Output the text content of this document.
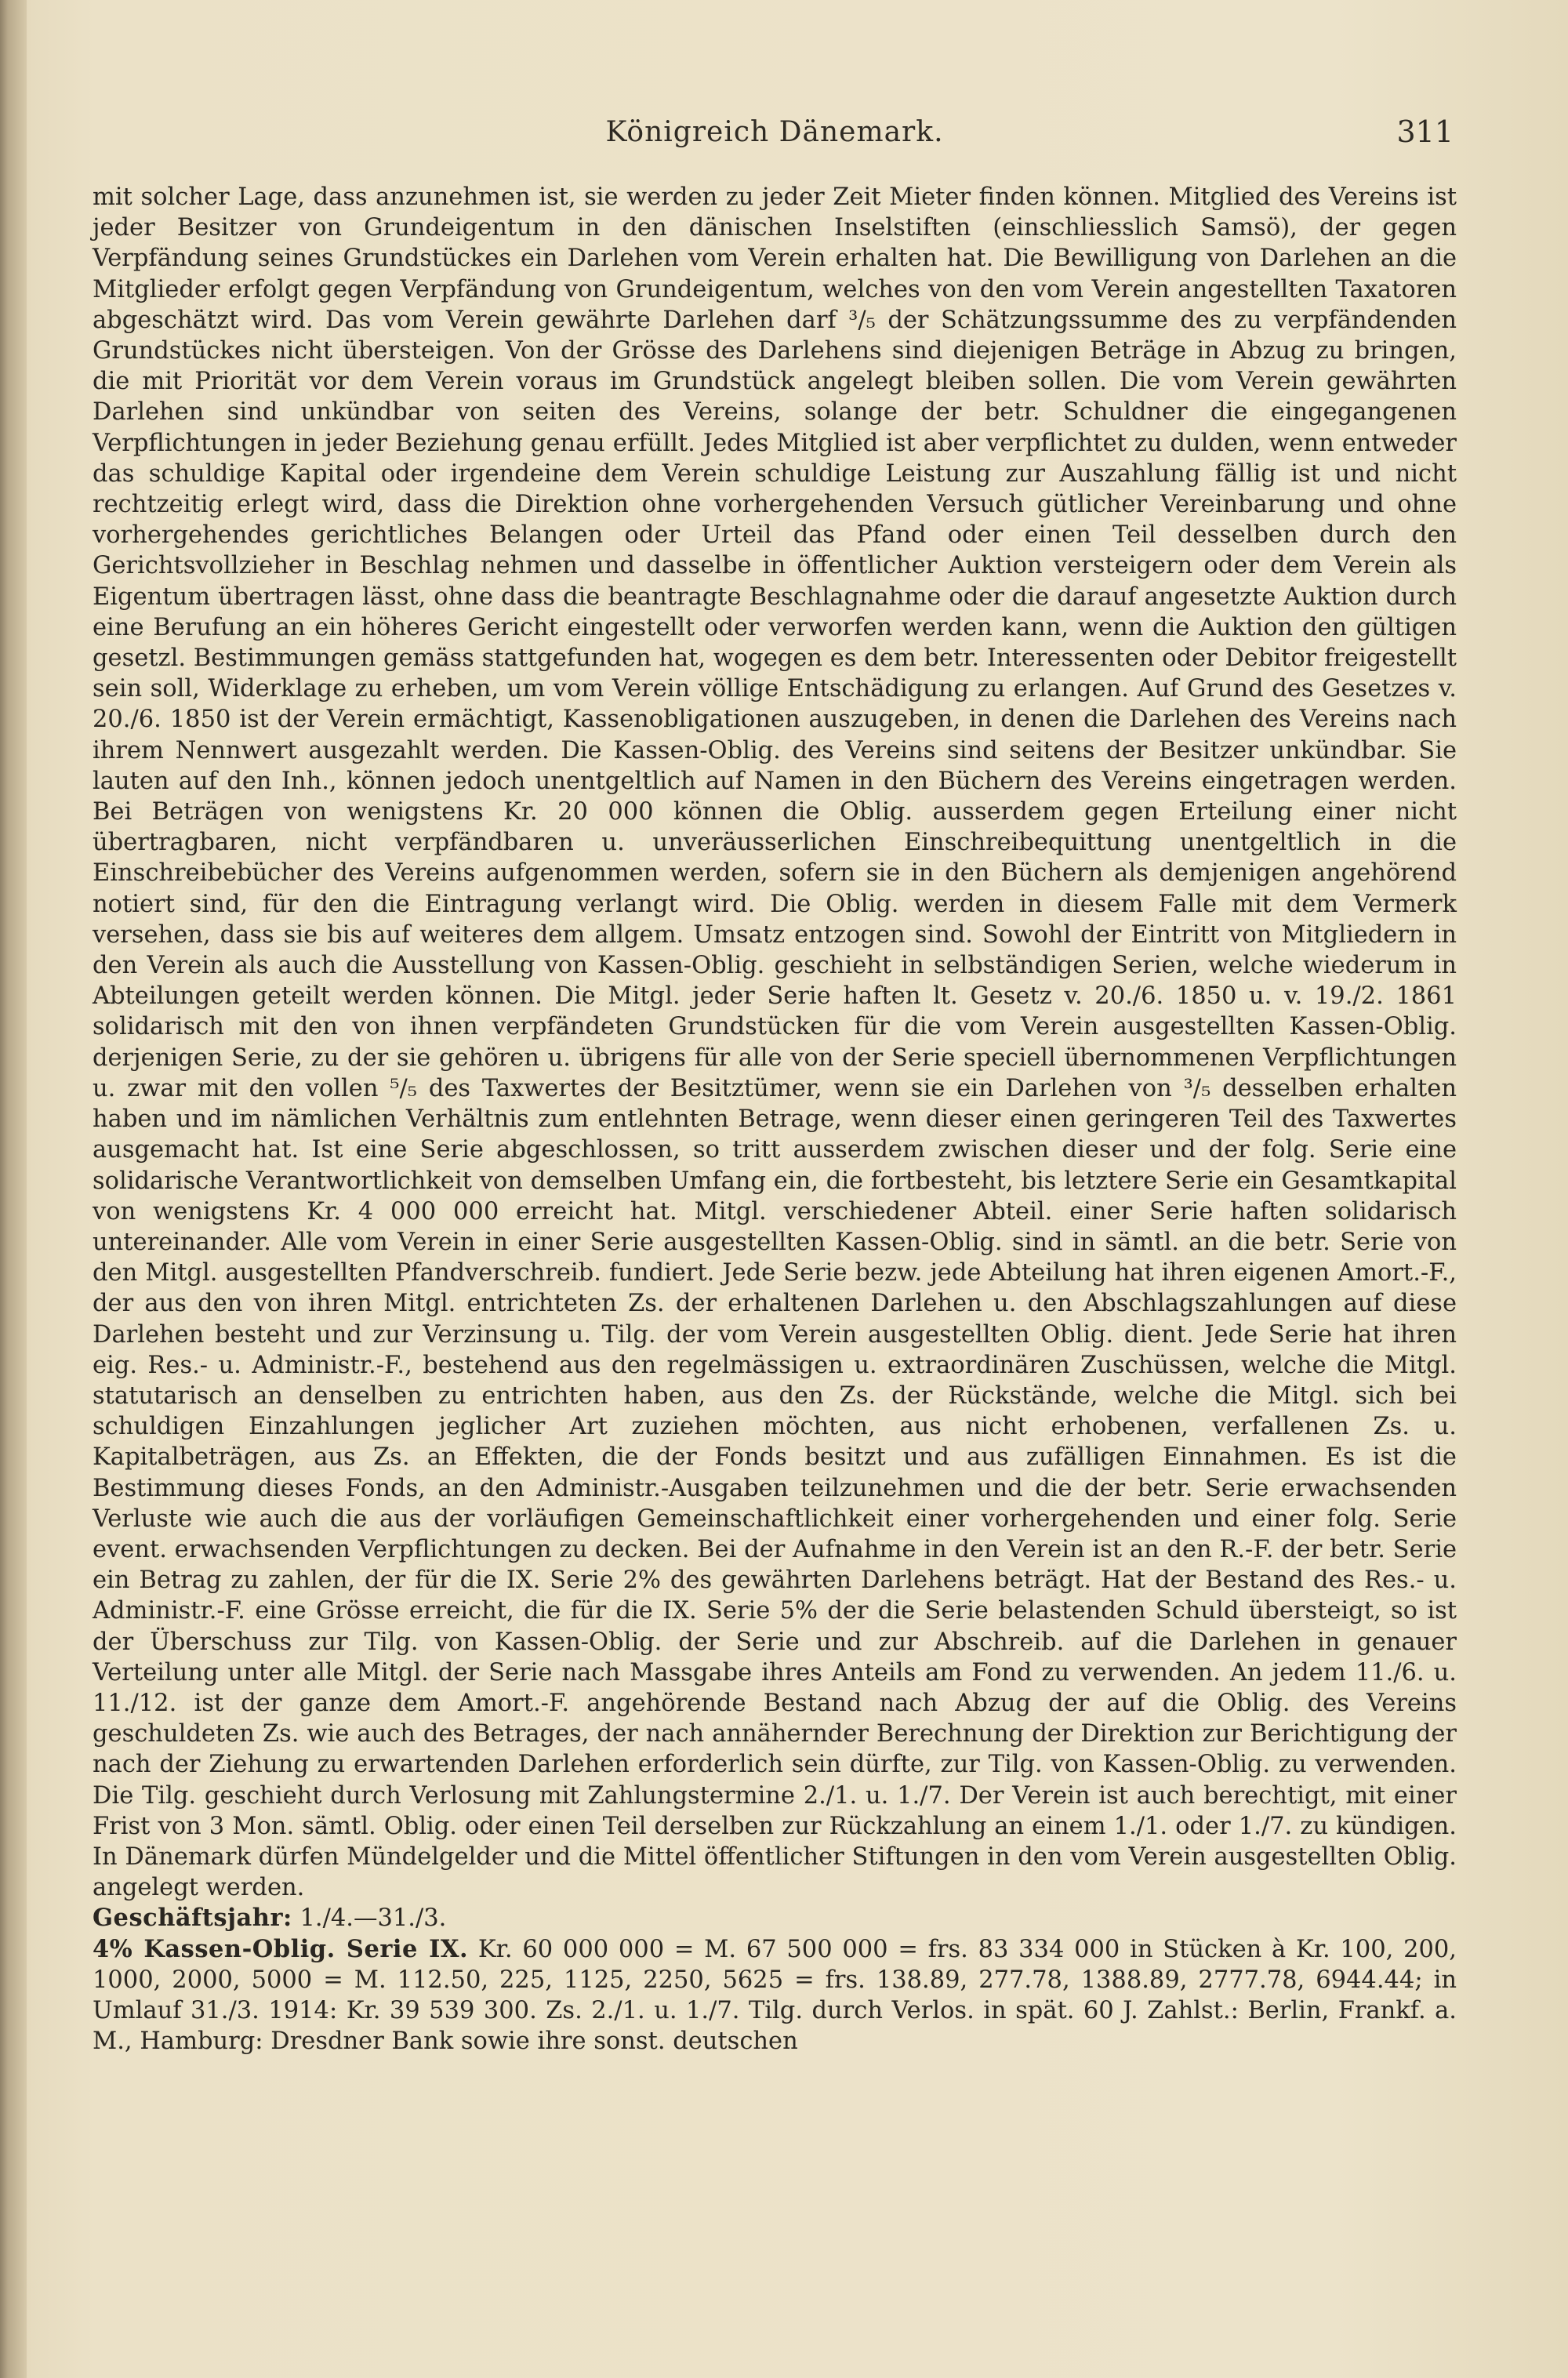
Königreich Dänemark.	311

mit solcher Lage, dass anzunehmen ist, sie werden zu jeder Zeit Mieter finden können. Mitglied des Vereins ist jeder Besitzer von Grundeigentum in den dänischen Inselstiften (einschliesslich Samsö), der gegen Verpfändung seines Grundstückes ein Darlehen vom Verein erhalten hat. Die Bewilligung von Darlehen an die Mitglieder erfolgt gegen Verpfändung von Grundeigentum, welches von den vom Verein angestellten Taxatoren abgeschätzt wird. Das vom Verein gewährte Darlehen darf ³/₅ der Schätzungssumme des zu verpfändenden Grundstückes nicht übersteigen. Von der Grösse des Darlehens sind diejenigen Beträge in Abzug zu bringen, die mit Priorität vor dem Verein voraus im Grundstück angelegt bleiben sollen. Die vom Verein gewährten Darlehen sind unkündbar von seiten des Vereins, solange der betr. Schuldner die eingegangenen Verpflichtungen in jeder Beziehung genau erfüllt. Jedes Mitglied ist aber verpflichtet zu dulden, wenn entweder das schuldige Kapital oder irgendeine dem Verein schuldige Leistung zur Auszahlung fällig ist und nicht rechtzeitig erlegt wird, dass die Direktion ohne vorhergehenden Versuch gütlicher Vereinbarung und ohne vorhergehendes gerichtliches Belangen oder Urteil das Pfand oder einen Teil desselben durch den Gerichtsvollzieher in Beschlag nehmen und dasselbe in öffentlicher Auktion versteigern oder dem Verein als Eigentum übertragen lässt, ohne dass die beantragte Beschlagnahme oder die darauf angesetzte Auktion durch eine Berufung an ein höheres Gericht eingestellt oder verworfen werden kann, wenn die Auktion den gültigen gesetzl. Bestimmungen gemäss stattgefunden hat, wogegen es dem betr. Interessenten oder Debitor freigestellt sein soll, Widerklage zu erheben, um vom Verein völlige Entschädigung zu erlangen. Auf Grund des Gesetzes v. 20./6. 1850 ist der Verein ermächtigt, Kassenobligationen auszugeben, in denen die Darlehen des Vereins nach ihrem Nennwert ausgezahlt werden. Die Kassen-Oblig. des Vereins sind seitens der Besitzer unkündbar. Sie lauten auf den Inh., können jedoch unentgeltlich auf Namen in den Büchern des Vereins eingetragen werden. Bei Beträgen von wenigstens Kr. 20 000 können die Oblig. ausserdem gegen Erteilung einer nicht übertragbaren, nicht verpfändbaren u. unveräusserlichen Einschreibequittung unentgeltlich in die Einschreibebücher des Vereins aufgenommen werden, sofern sie in den Büchern als demjenigen angehörend notiert sind, für den die Eintragung verlangt wird. Die Oblig. werden in diesem Falle mit dem Vermerk versehen, dass sie bis auf weiteres dem allgem. Umsatz entzogen sind. Sowohl der Eintritt von Mitgliedern in den Verein als auch die Ausstellung von Kassen-Oblig. geschieht in selbständigen Serien, welche wiederum in Abteilungen geteilt werden können. Die Mitgl. jeder Serie haften lt. Gesetz v. 20./6. 1850 u. v. 19./2. 1861 solidarisch mit den von ihnen verpfändeten Grundstücken für die vom Verein ausgestellten Kassen-Oblig. derjenigen Serie, zu der sie gehören u. übrigens für alle von der Serie speciell übernommenen Verpflichtungen u. zwar mit den vollen ⁵/₅ des Taxwertes der Besitztümer, wenn sie ein Darlehen von ³/₅ desselben erhalten haben und im nämlichen Verhältnis zum entlehnten Betrage, wenn dieser einen geringeren Teil des Taxwertes ausgemacht hat. Ist eine Serie abgeschlossen, so tritt ausserdem zwischen dieser und der folg. Serie eine solidarische Verantwortlichkeit von demselben Umfang ein, die fortbesteht, bis letztere Serie ein Gesamtkapital von wenigstens Kr. 4 000 000 erreicht hat. Mitgl. verschiedener Abteil. einer Serie haften solidarisch untereinander. Alle vom Verein in einer Serie ausgestellten Kassen-Oblig. sind in sämtl. an die betr. Serie von den Mitgl. ausgestellten Pfandverschreib. fundiert. Jede Serie bezw. jede Abteilung hat ihren eigenen Amort.-F., der aus den von ihren Mitgl. entrichteten Zs. der erhaltenen Darlehen u. den Abschlagszahlungen auf diese Darlehen besteht und zur Verzinsung u. Tilg. der vom Verein ausgestellten Oblig. dient. Jede Serie hat ihren eig. Res.- u. Administr.-F., bestehend aus den regelmässigen u. extraordinären Zuschüssen, welche die Mitgl. statutarisch an denselben zu entrichten haben, aus den Zs. der Rückstände, welche die Mitgl. sich bei schuldigen Einzahlungen jeglicher Art zuziehen möchten, aus nicht erhobenen, verfallenen Zs. u. Kapitalbeträgen, aus Zs. an Effekten, die der Fonds besitzt und aus zufälligen Einnahmen. Es ist die Bestimmung dieses Fonds, an den Administr.-Ausgaben teilzunehmen und die der betr. Serie erwachsenden Verluste wie auch die aus der vorläufigen Gemeinschaftlichkeit einer vorhergehenden und einer folg. Serie event. erwachsenden Verpflichtungen zu decken. Bei der Aufnahme in den Verein ist an den R.-F. der betr. Serie ein Betrag zu zahlen, der für die IX. Serie 2% des gewährten Darlehens beträgt. Hat der Bestand des Res.- u. Administr.-F. eine Grösse erreicht, die für die IX. Serie 5% der die Serie belastenden Schuld übersteigt, so ist der Überschuss zur Tilg. von Kassen-Oblig. der Serie und zur Abschreib. auf die Darlehen in genauer Verteilung unter alle Mitgl. der Serie nach Massgabe ihres Anteils am Fond zu verwenden. An jedem 11./6. u. 11./12. ist der ganze dem Amort.-F. angehörende Bestand nach Abzug der auf die Oblig. des Vereins geschuldeten Zs. wie auch des Betrages, der nach annähernder Berechnung der Direktion zur Berichtigung der nach der Ziehung zu erwartenden Darlehen erforderlich sein dürfte, zur Tilg. von Kassen-Oblig. zu verwenden. Die Tilg. geschieht durch Verlosung mit Zahlungstermine 2./1. u. 1./7. Der Verein ist auch berechtigt, mit einer Frist von 3 Mon. sämtl. Oblig. oder einen Teil derselben zur Rückzahlung an einem 1./1. oder 1./7. zu kündigen. In Dänemark dürfen Mündelgelder und die Mittel öffentlicher Stiftungen in den vom Verein ausgestellten Oblig. angelegt werden.

Geschäftsjahr: 1./4.—31./3.

4% Kassen-Oblig. Serie IX. Kr. 60 000 000 = M. 67 500 000 = frs. 83 334 000 in Stücken à Kr. 100, 200, 1000, 2000, 5000 = M. 112.50, 225, 1125, 2250, 5625 = frs. 138.89, 277.78, 1388.89, 2777.78, 6944.44; in Umlauf 31./3. 1914: Kr. 39 539 300. Zs. 2./1. u. 1./7. Tilg. durch Verlos. in spät. 60 J. Zahlst.: Berlin, Frankf. a. M., Hamburg: Dresdner Bank sowie ihre sonst. deutschen
